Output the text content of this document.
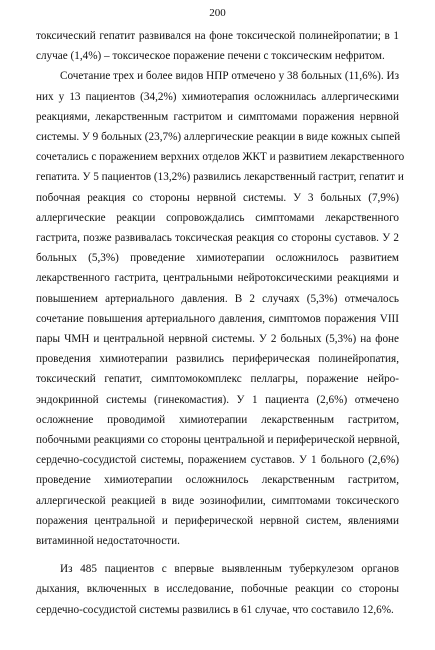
200
токсический гепатит развивался на фоне токсической полинейропатии; в 1
случае (1,4%) – токсическое поражение печени с токсическим нефритом.
Сочетание трех и более видов НПР отмечено у 38 больных (11,6%). Из
них у 13 пациентов (34,2%) химиотерапия осложнилась аллергическими
реакциями, лекарственным гастритом и симптомами поражения нервной
системы. У 9 больных (23,7%) аллергические реакции в виде кожных сыпей
сочетались с поражением верхних отделов ЖКТ и развитием лекарственного
гепатита. У 5 пациентов (13,2%) развились лекарственный гастрит, гепатит и
побочная реакция со стороны нервной системы. У 3 больных (7,9%)
аллергические реакции сопровождались симптомами лекарственного
гастрита, позже развивалась токсическая реакция со стороны суставов. У 2
больных (5,3%) проведение химиотерапии осложнилось развитием
лекарственного гастрита, центральными нейротоксическими реакциями и
повышением артериального давления. В 2 случаях (5,3%) отмечалось
сочетание повышения артериального давления, симптомов поражения VIII
пары ЧМН и центральной нервной системы. У 2 больных (5,3%) на фоне
проведения химиотерапии развились периферическая полинейропатия,
токсический гепатит, симптомокомплекс пеллагры, поражение нейро-
эндокринной системы (гинекомастия). У 1 пациента (2,6%) отмечено
осложнение проводимой химиотерапии лекарственным гастритом,
побочными реакциями со стороны центральной и периферической нервной,
сердечно-сосудистой системы, поражением суставов. У 1 больного (2,6%)
проведение химиотерапии осложнилось лекарственным гастритом,
аллергической реакцией в виде эозинофилии, симптомами токсического
поражения центральной и периферической нервной систем, явлениями
витаминной недостаточности.
Из 485 пациентов с впервые выявленным туберкулезом органов
дыхания, включенных в исследование, побочные реакции со стороны
сердечно-сосудистой системы развились в 61 случае, что составило 12,6%.
